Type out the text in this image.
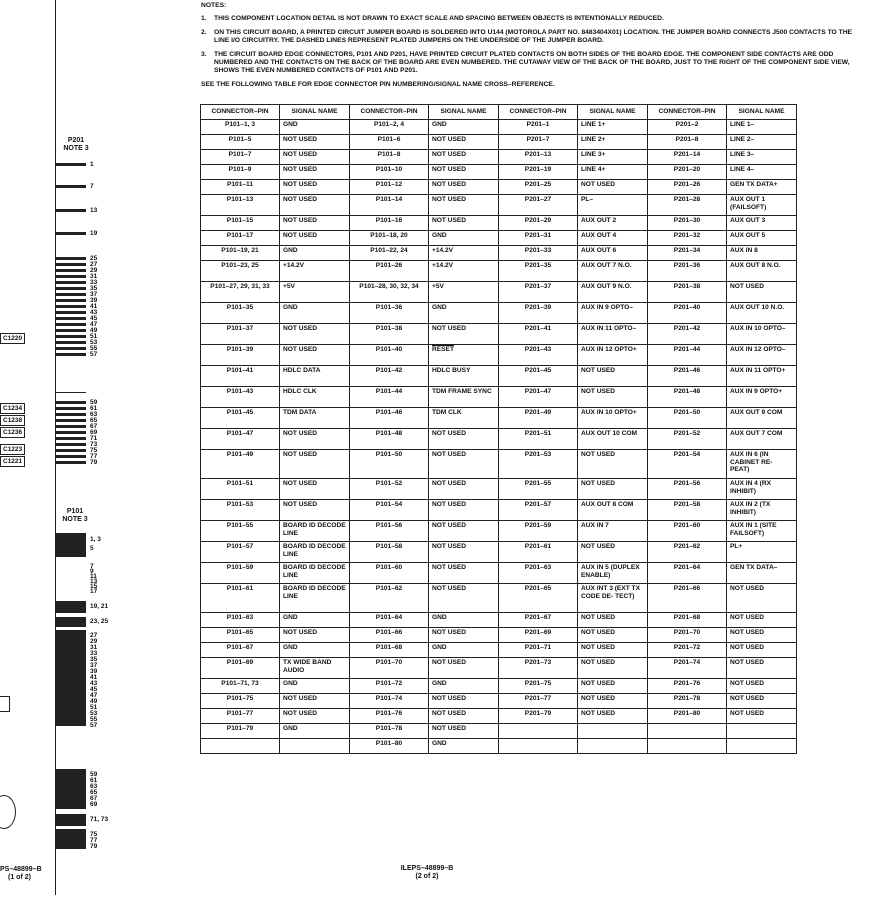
P201
NOTE 3
1
7
13
19
25
27
29
31
33
35
37
39
41
43
45
47
49
51
53
55
57
59
61
63
65
67
69
71
73
75
77
79
P101
NOTE 3
1, 3
5
7
9
11
13
15
17
19, 21
23, 25
27
29
31
33
35
37
39
41
43
45
47
49
51
53
55
57
59
61
63
65
67
69
71, 73
75
77
79
C1220
C1234
C1238
C1236
C1223
C1221
PS–48899–B
(1 of 2)
NOTES:
1.	THIS COMPONENT LOCATION DETAIL IS NOT DRAWN TO EXACT SCALE AND SPACING BETWEEN OBJECTS IS INTENTIONALLY REDUCED.
2.	ON THIS CIRCUIT BOARD, A PRINTED CIRCUIT JUMPER BOARD IS SOLDERED INTO U144 (MOTOROLA PART NO. 8483404X01) LOCATION. THE JUMPER BOARD CONNECTS J500 CONTACTS TO THE LINE I/O CIRCUITRY. THE DASHED LINES REPRESENT PLATED JUMPERS ON THE UNDERSIDE OF THE JUMPER BOARD.
3.	THE CIRCUIT BOARD EDGE CONNECTORS, P101 AND P201, HAVE PRINTED CIRCUIT PLATED CONTACTS ON BOTH SIDES OF THE BOARD EDGE. THE COMPONENT SIDE CONTACTS ARE ODD NUMBERED AND THE CONTACTS ON THE BACK OF THE BOARD ARE EVEN NUMBERED. THE CUTAWAY VIEW OF THE BACK OF THE BOARD, JUST TO THE RIGHT OF THE COMPONENT SIDE VIEW, SHOWS THE EVEN NUMBERED CONTACTS OF P101 AND P201.
SEE THE FOLLOWING TABLE FOR EDGE CONNECTOR PIN NUMBERING/SIGNAL NAME CROSS–REFERENCE.
CONNECTOR–PIN	SIGNAL NAME	CONNECTOR–PIN	SIGNAL NAME	CONNECTOR–PIN	SIGNAL NAME	CONNECTOR–PIN	SIGNAL NAME
P101–1, 3	GND	P101–2, 4	GND	P201–1	LINE 1+	P201–2	LINE 1–
P101–5	NOT USED	P101–6	NOT USED	P201–7	LINE 2+	P201–8	LINE 2–
P101–7	NOT USED	P101–8	NOT USED	P201–13	LINE 3+	P201–14	LINE 3–
P101–9	NOT USED	P101–10	NOT USED	P201–19	LINE 4+	P201–20	LINE 4–
P101–11	NOT USED	P101–12	NOT USED	P201–25	NOT USED	P201–26	GEN TX DATA+
P101–13	NOT USED	P101–14	NOT USED	P201–27	PL–	P201–28	AUX OUT 1 (FAILSOFT)
P101–15	NOT USED	P101–16	NOT USED	P201–29	AUX OUT 2	P201–30	AUX OUT 3
P101–17	NOT USED	P101–18, 20	GND	P201–31	AUX OUT 4	P201–32	AUX OUT 5
P101–19, 21	GND	P101–22, 24	+14.2V	P201–33	AUX OUT 6	P201–34	AUX IN 8
P101–23, 25	+14.2V	P101–26	+14.2V	P201–35	AUX OUT 7 N.O.	P201–36	AUX OUT 8 N.O.
P101–27, 29, 31, 33	+5V	P101–28, 30, 32, 34	+5V	P201–37	AUX OUT 9 N.O.	P201–38	NOT USED
P101–35	GND	P101–36	GND	P201–39	AUX IN 9 OPTO–	P201–40	AUX OUT 10 N.O.
P101–37	NOT USED	P101–38	NOT USED	P201–41	AUX IN 11 OPTO–	P201–42	AUX IN 10 OPTO–
P101–39	NOT USED	P101–40	RESET	P201–43	AUX IN 12 OPTO+	P201–44	AUX IN 12 OPTO–
P101–41	HDLC DATA	P101–42	HDLC BUSY	P201–45	NOT USED	P201–46	AUX IN 11 OPTO+
P101–43	HDLC CLK	P101–44	TDM FRAME SYNC	P201–47	NOT USED	P201–48	AUX IN 9 OPTO+
P101–45	TDM DATA	P101–46	TDM CLK	P201–49	AUX IN 10 OPTO+	P201–50	AUX OUT 9 COM
P101–47	NOT USED	P101–48	NOT USED	P201–51	AUX OUT 10 COM	P201–52	AUX OUT 7 COM
P101–49	NOT USED	P101–50	NOT USED	P201–53	NOT USED	P201–54	AUX IN 6 (IN CABINET RE- PEAT)
P101–51	NOT USED	P101–52	NOT USED	P201–55	NOT USED	P201–56	AUX IN 4 (RX INHIBIT)
P101–53	NOT USED	P101–54	NOT USED	P201–57	AUX OUT 8 COM	P201–58	AUX IN 2 (TX INHIBIT)
P101–55	BOARD ID DECODE LINE	P101–56	NOT USED	P201–59	AUX IN 7	P201–60	AUX IN 1 (SITE FAILSOFT)
P101–57	BOARD ID DECODE LINE	P101–58	NOT USED	P201–61	NOT USED	P201–62	PL+
P101–59	BOARD ID DECODE LINE	P101–60	NOT USED	P201–63	AUX IN 5 (DUPLEX ENABLE)	P201–64	GEN TX DATA–
P101–61	BOARD ID DECODE LINE	P101–62	NOT USED	P201–65	AUX INT 3 (EXT TX CODE DE- TECT)	P201–66	NOT USED
P101–63	GND	P101–64	GND	P201–67	NOT USED	P201–68	NOT USED
P101–65	NOT USED	P101–66	NOT USED	P201–69	NOT USED	P201–70	NOT USED
P101–67	GND	P101–68	GND	P201–71	NOT USED	P201–72	NOT USED
P101–69	TX WIDE BAND AUDIO	P101–70	NOT USED	P201–73	NOT USED	P201–74	NOT USED
P101–71, 73	GND	P101–72	GND	P201–75	NOT USED	P201–76	NOT USED
P101–75	NOT USED	P101–74	NOT USED	P201–77	NOT USED	P201–78	NOT USED
P101–77	NOT USED	P101–76	NOT USED	P201–79	NOT USED	P201–80	NOT USED
P101–79	GND	P101–78	NOT USED				
		P101–80	GND				
ILEPS–48899–B
(2 of 2)
